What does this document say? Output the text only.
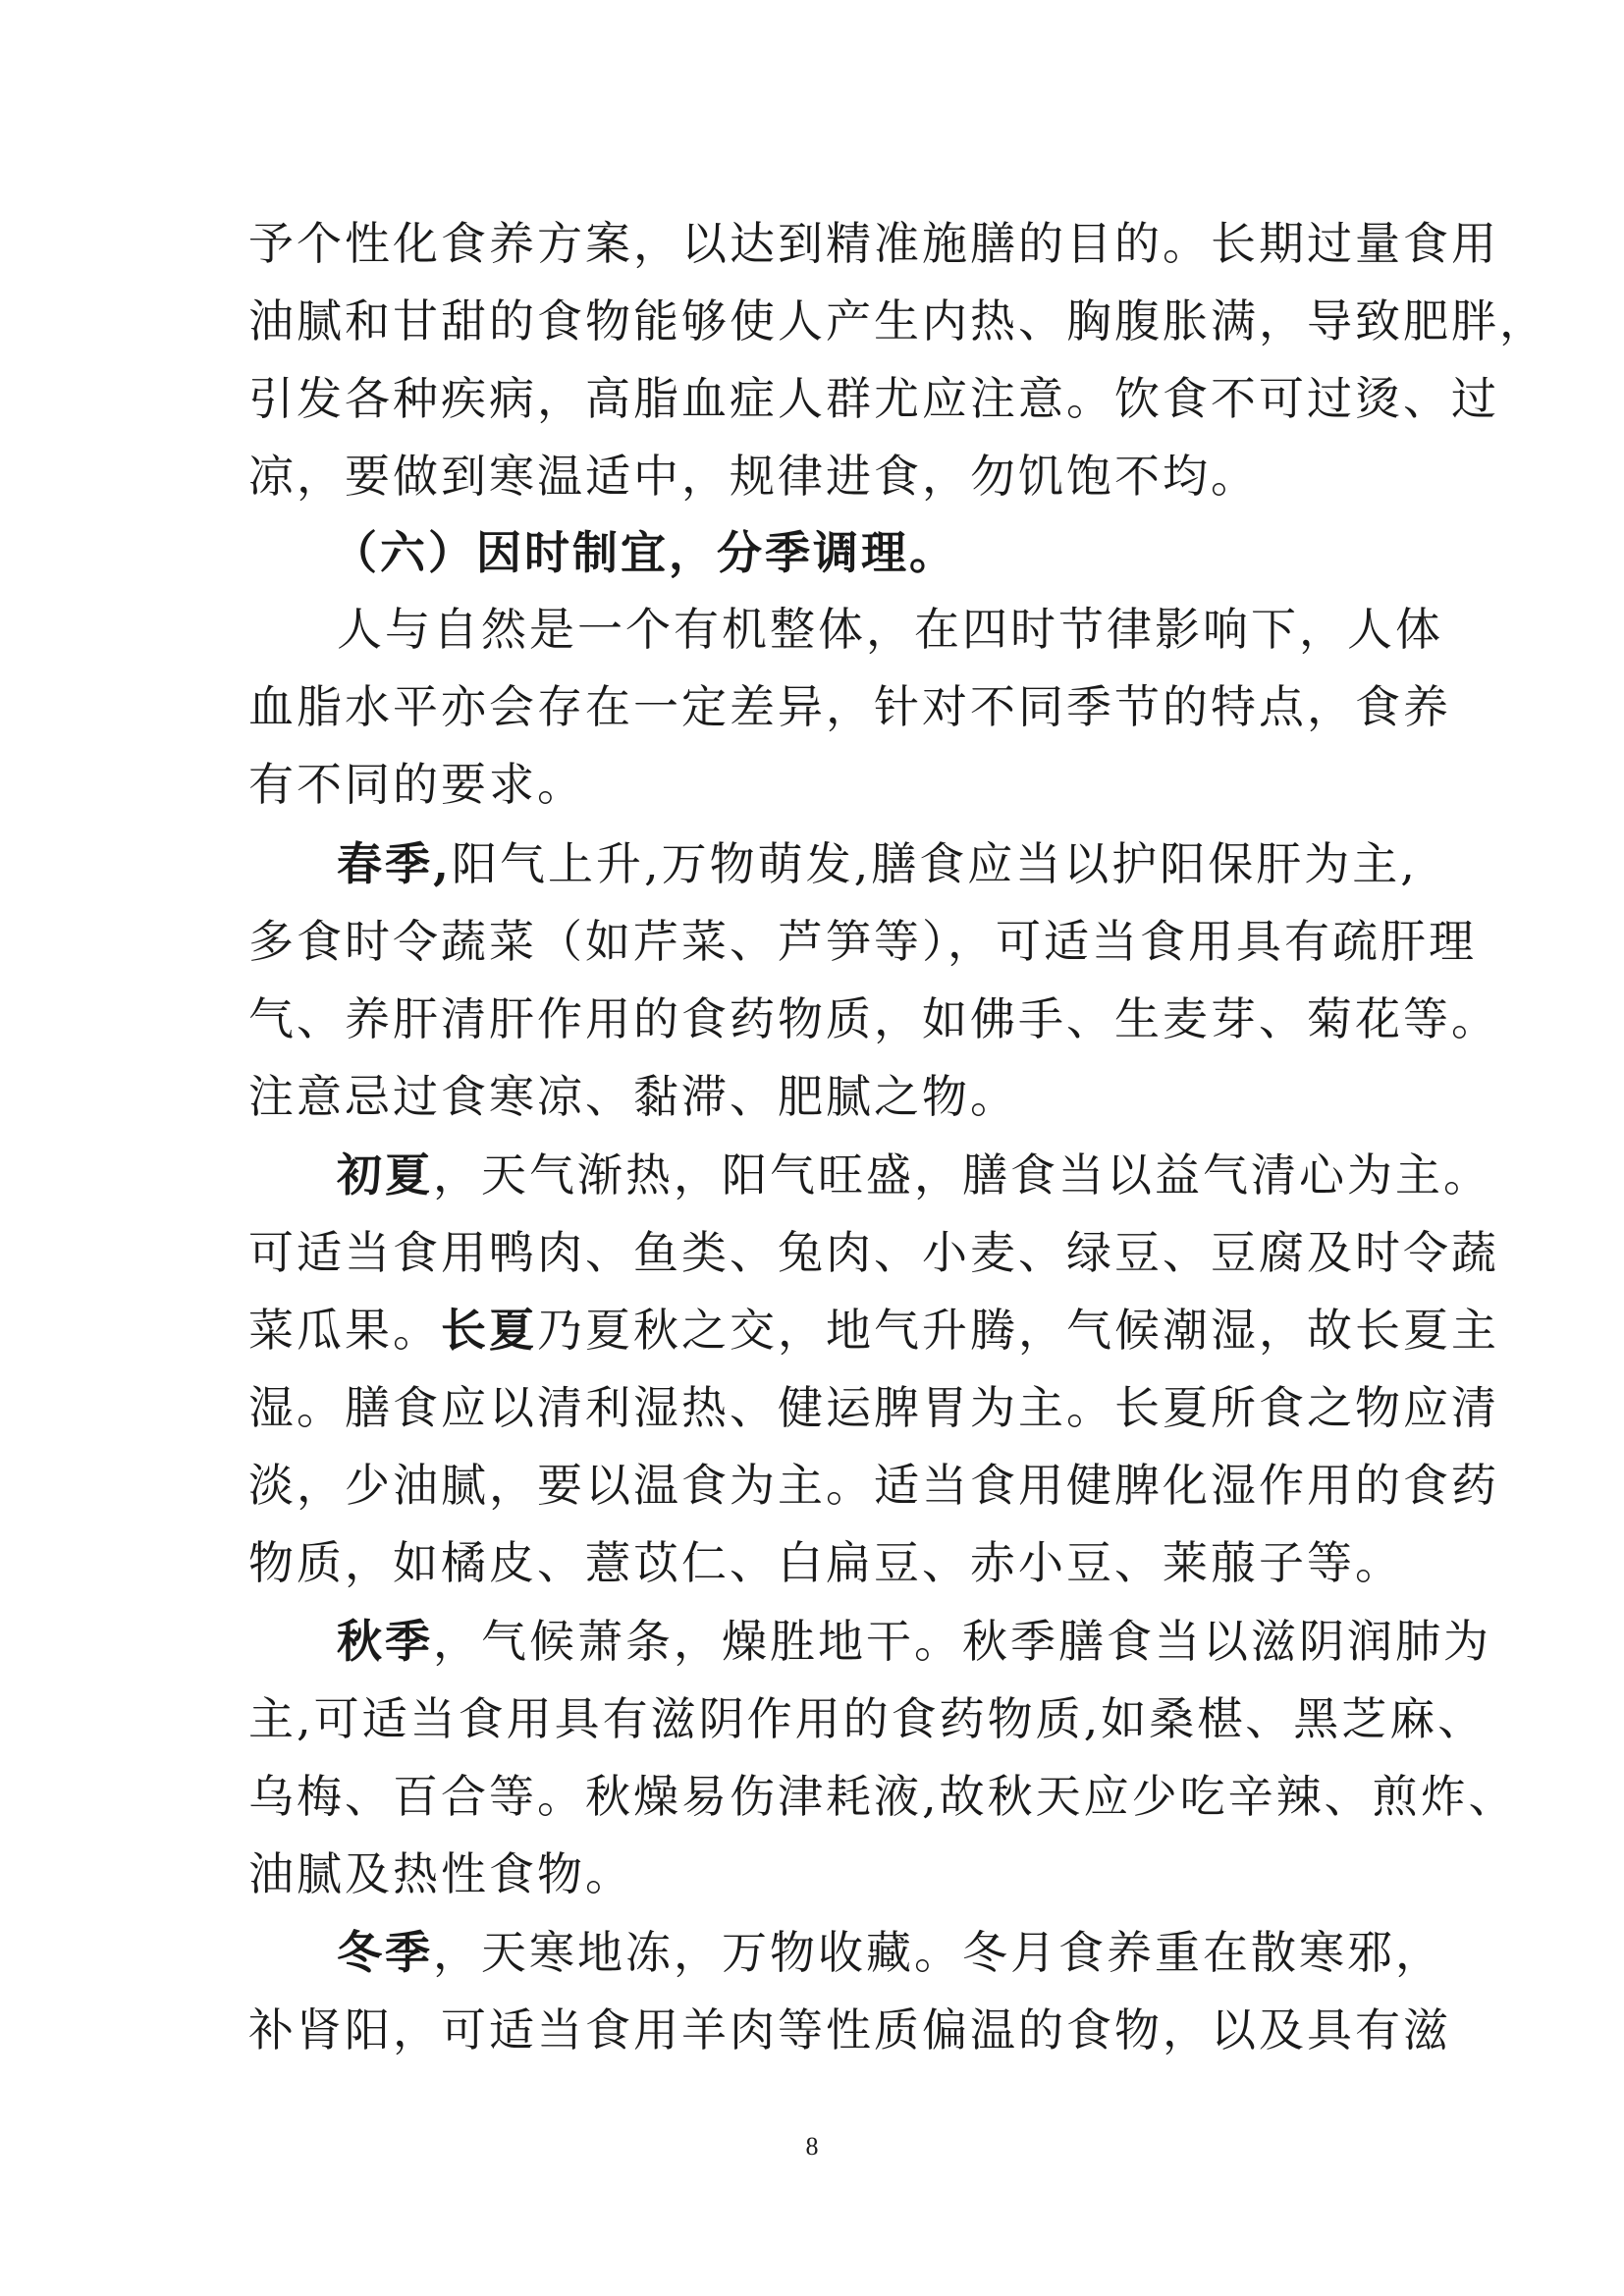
予个性化食养方案，以达到精准施膳的目的。长期过量食用
油腻和甘甜的食物能够使人产生内热、胸腹胀满，导致肥胖，
引发各种疾病，高脂血症人群尤应注意。饮食不可过烫、过
凉，要做到寒温适中，规律进食，勿饥饱不均。
（六）因时制宜，分季调理。
人与自然是一个有机整体，在四时节律影响下，人体
血脂水平亦会存在一定差异，针对不同季节的特点，食养
有不同的要求。
春季,阳气上升,万物萌发,膳食应当以护阳保肝为主,
多食时令蔬菜（如芹菜、芦笋等），可适当食用具有疏肝理
气、养肝清肝作用的食药物质，如佛手、生麦芽、菊花等。
注意忌过食寒凉、黏滞、肥腻之物。
初夏，天气渐热，阳气旺盛，膳食当以益气清心为主。
可适当食用鸭肉、鱼类、兔肉、小麦、绿豆、豆腐及时令蔬
菜瓜果。长夏乃夏秋之交，地气升腾，气候潮湿，故长夏主
湿。膳食应以清利湿热、健运脾胃为主。长夏所食之物应清
淡，少油腻，要以温食为主。适当食用健脾化湿作用的食药
物质，如橘皮、薏苡仁、白扁豆、赤小豆、莱菔子等。
秋季，气候萧条，燥胜地干。秋季膳食当以滋阴润肺为
主,可适当食用具有滋阴作用的食药物质,如桑椹、黑芝麻、
乌梅、百合等。秋燥易伤津耗液,故秋天应少吃辛辣、煎炸、
油腻及热性食物。
冬季，天寒地冻，万物收藏。冬月食养重在散寒邪，
补肾阳，可适当食用羊肉等性质偏温的食物，以及具有滋
8
